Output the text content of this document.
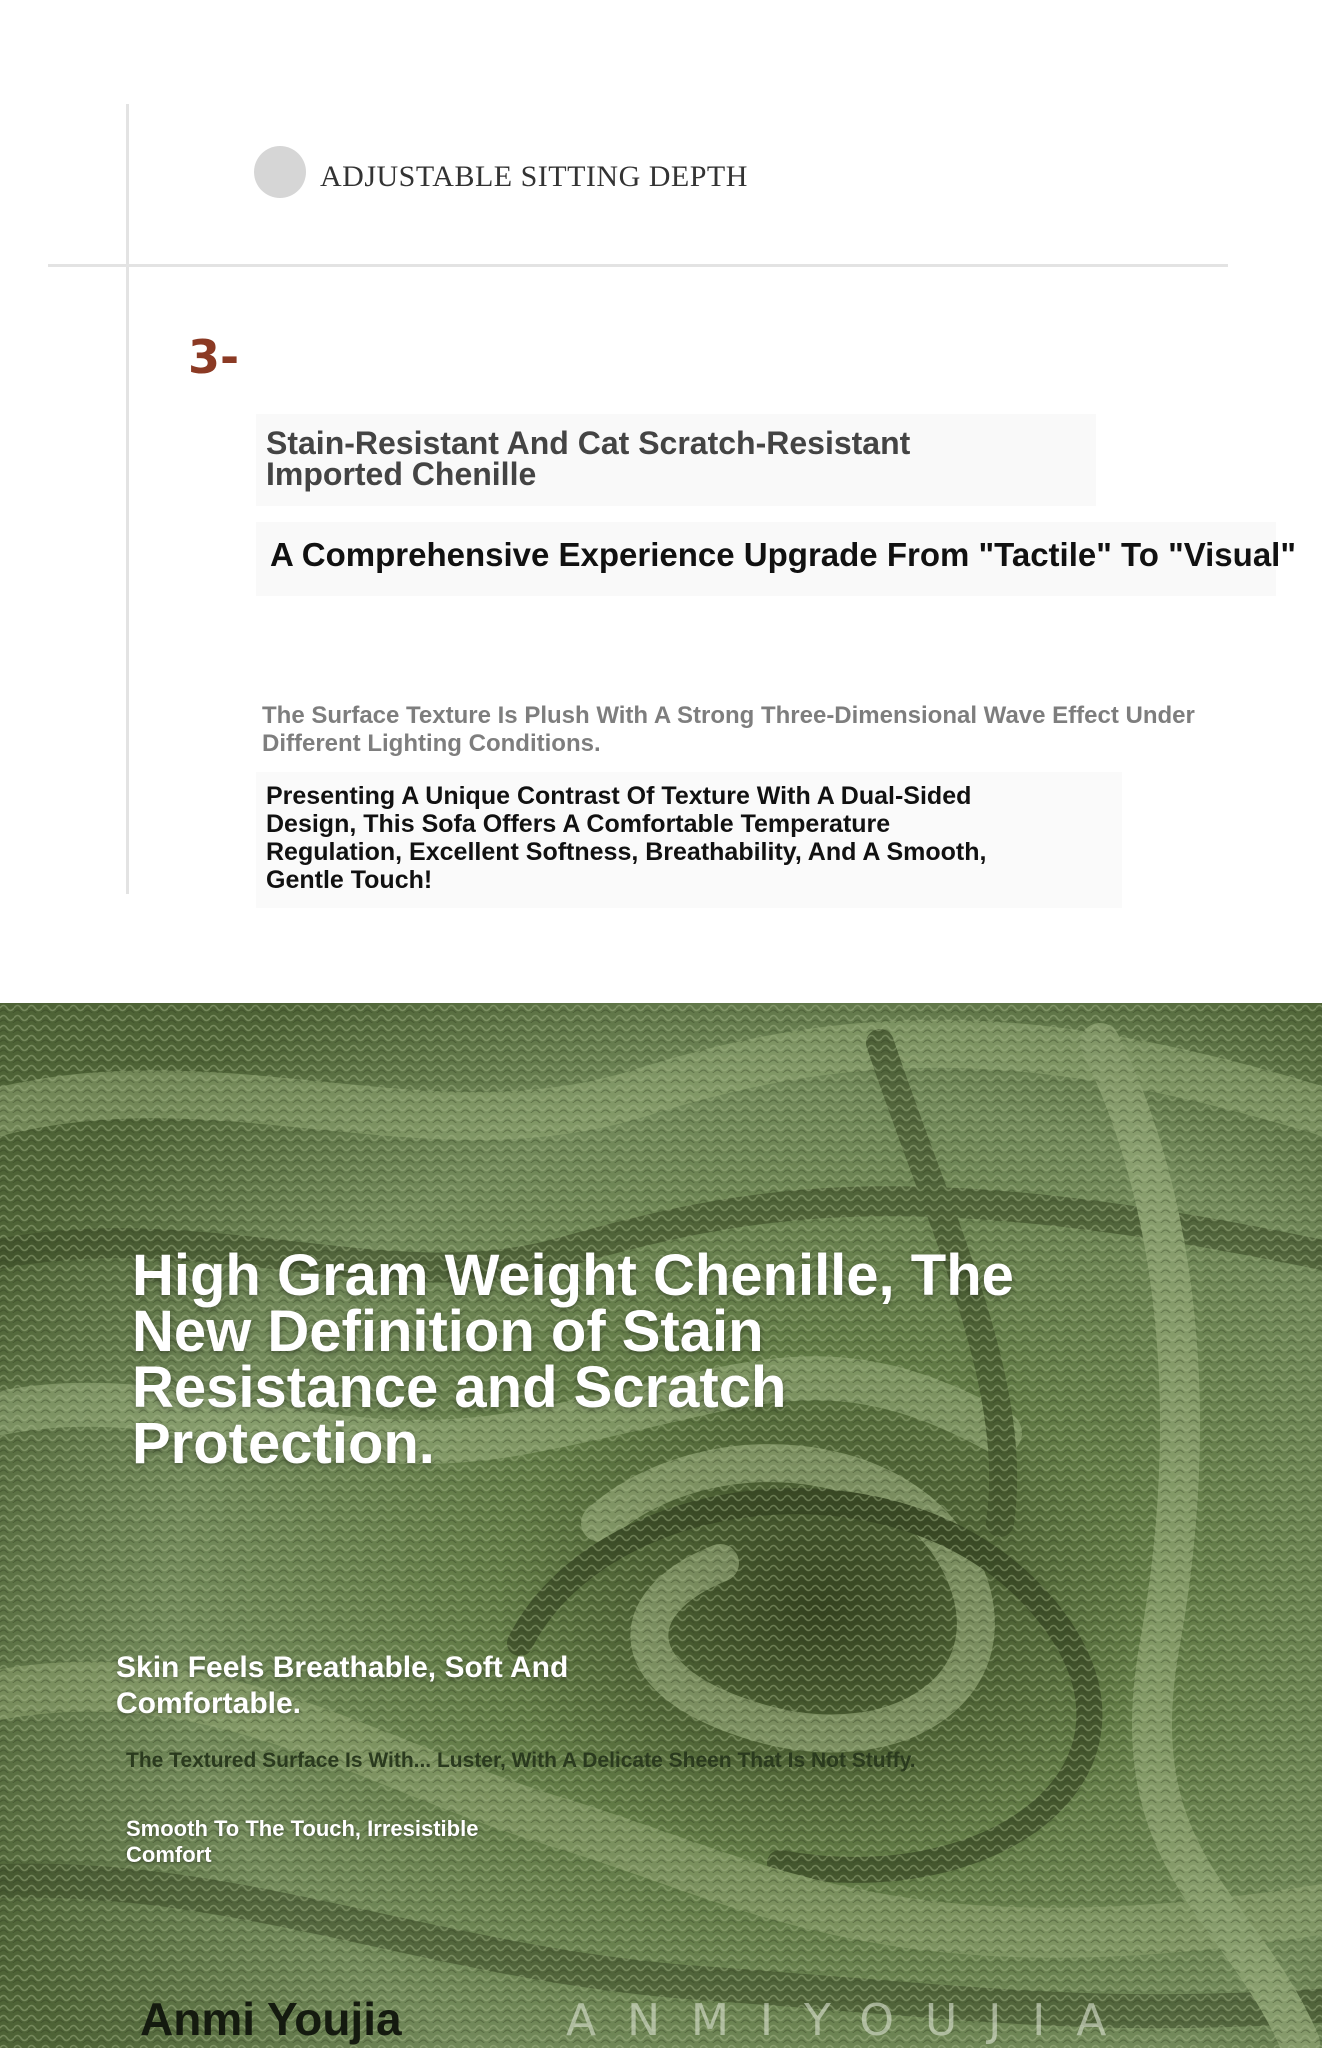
ADJUSTABLE SITTING DEPTH
3-
Stain-Resistant And Cat Scratch-Resistant Imported Chenille
A Comprehensive Experience Upgrade From "Tactile" To "Visual"
The Surface Texture Is Plush With A Strong Three-Dimensional Wave Effect Under Different Lighting Conditions.
Presenting A Unique Contrast Of Texture With A Dual-Sided Design, This Sofa Offers A Comfortable Temperature Regulation, Excellent Softness, Breathability, And A Smooth, Gentle Touch!
High Gram Weight Chenille, The New Definition of Stain Resistance and Scratch Protection.
Skin Feels Breathable, Soft And Comfortable.
The Textured Surface Is With... Luster, With A Delicate Sheen That Is Not Stuffy.
Smooth To The Touch, Irresistible Comfort
Anmi Youjia	ANMIYOUJIA
